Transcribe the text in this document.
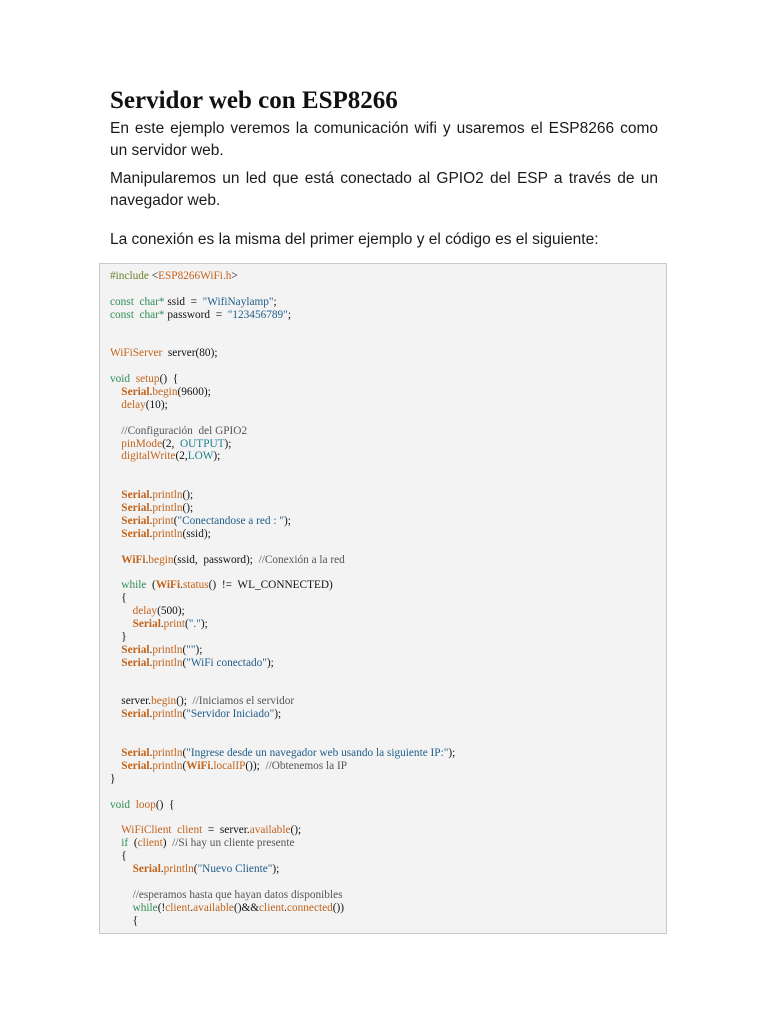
Servidor web con ESP8266

En este ejemplo veremos la comunicación wifi y usaremos el ESP8266 como un servidor web.

Manipularemos un led que está conectado al GPIO2 del ESP a través de un navegador web.

La conexión es la misma del primer ejemplo y el código es el siguiente:

#include <ESP8266WiFi.h>

const  char* ssid  =  "WifiNaylamp";
const  char* password  =  "123456789";

WiFiServer  server(80);

void  setup()  {
Serial.begin(9600);
delay(10);

//Configuración  del GPIO2
pinMode(2,  OUTPUT);
digitalWrite(2,LOW);

Serial.println();
Serial.println();
Serial.print("Conectandose a red : ");
Serial.println(ssid);

WiFi.begin(ssid,  password);  //Conexión a la red

while  (WiFi.status()  !=  WL_CONNECTED)
{
delay(500);
Serial.print(".");
}
Serial.println("");
Serial.println("WiFi conectado");

server.begin();  //Iniciamos el servidor
Serial.println("Servidor Iniciado");

Serial.println("Ingrese desde un navegador web usando la siguiente IP:");
Serial.println(WiFi.localIP());  //Obtenemos la IP
}

void  loop()  {

WiFiClient client  =  server.available();
if  (client)  //Si hay un cliente presente
{
Serial.println("Nuevo Cliente");

//esperamos hasta que hayan datos disponibles
while(!client.available()&&client.connected())
{
